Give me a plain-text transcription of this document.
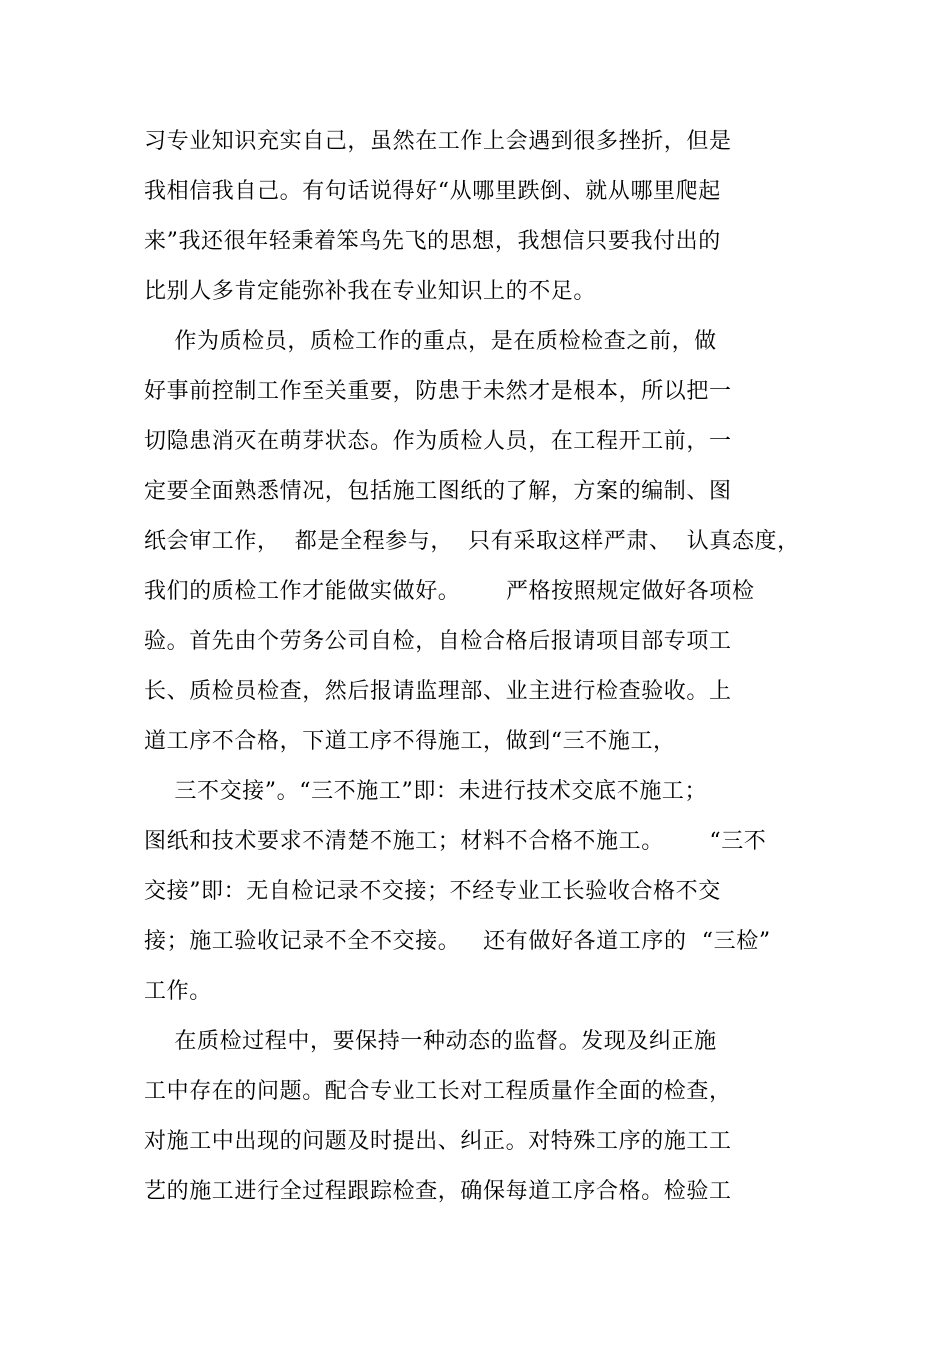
习专业知识充实自己，虽然在工作上会遇到很多挫折，但是
我相信我自己。有句话说得好“从哪里跌倒、就从哪里爬起
来”我还很年轻秉着笨鸟先飞的思想，我想信只要我付出的
比别人多肯定能弥补我在专业知识上的不足。
作为质检员，质检工作的重点，是在质检检查之前，做
好事前控制工作至关重要，防患于未然才是根本，所以把一
切隐患消灭在萌芽状态。作为质检人员，在工程开工前，一
定要全面熟悉情况，包括施工图纸的了解，方案的编制、图
纸会审工作，  都是全程参与，  只有采取这样严肃、  认真态度，
我们的质检工作才能做实做好。      严格按照规定做好各项检
验。首先由个劳务公司自检，自检合格后报请项目部专项工
长、质检员检查，然后报请监理部、业主进行检查验收。上
道工序不合格，下道工序不得施工，做到“三不施工，
三不交接”。“三不施工”即：未进行技术交底不施工；
图纸和技术要求不清楚不施工；材料不合格不施工。      “三不
交接”即：无自检记录不交接；不经专业工长验收合格不交
接；施工验收记录不全不交接。   还有做好各道工序的  “三检”
工作。
在质检过程中，要保持一种动态的监督。发现及纠正施
工中存在的问题。配合专业工长对工程质量作全面的检查，
对施工中出现的问题及时提出、纠正。对特殊工序的施工工
艺的施工进行全过程跟踪检查，确保每道工序合格。检验工
